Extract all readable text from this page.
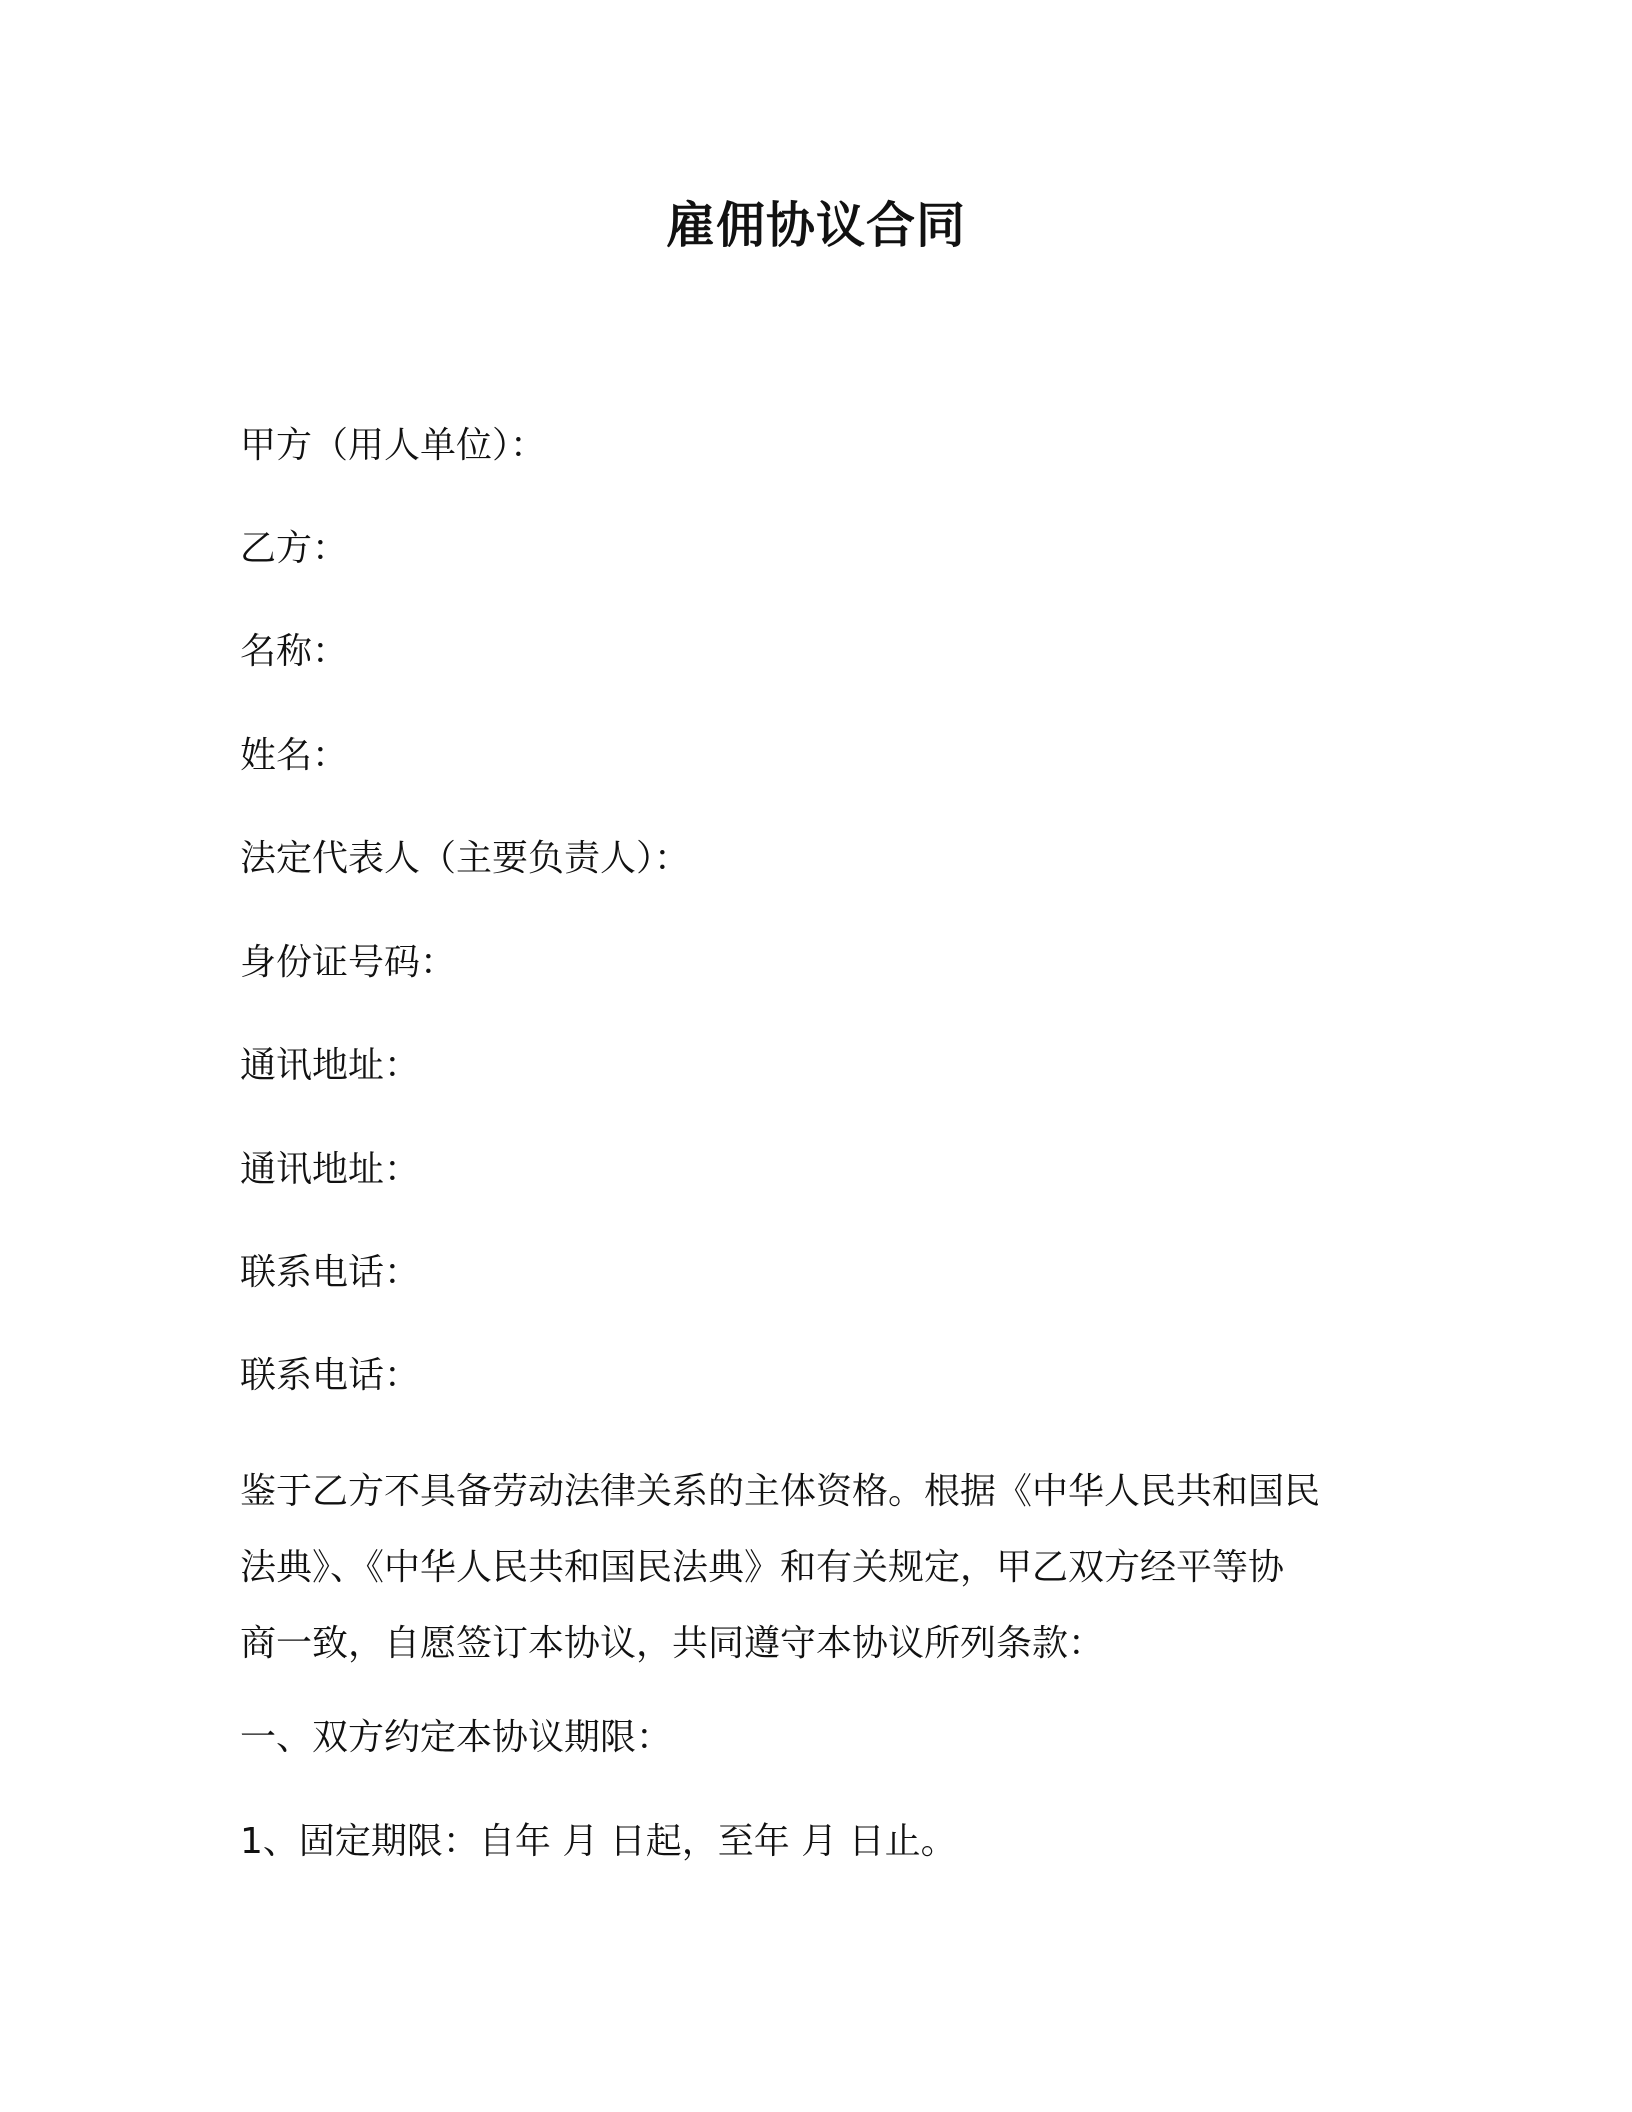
雇佣协议合同

甲方（用人单位）：

乙方：

名称：

姓名：

法定代表人（主要负责人）：

身份证号码：

通讯地址：

通讯地址：

联系电话：

联系电话：

鉴于乙方不具备劳动法律关系的主体资格。根据《中华人民共和国民
法典》、《中华人民共和国民法典》和有关规定，甲乙双方经平等协
商一致，自愿签订本协议，共同遵守本协议所列条款：

一、双方约定本协议期限：

1、固定期限：自年 月 日起，至年 月 日止。
